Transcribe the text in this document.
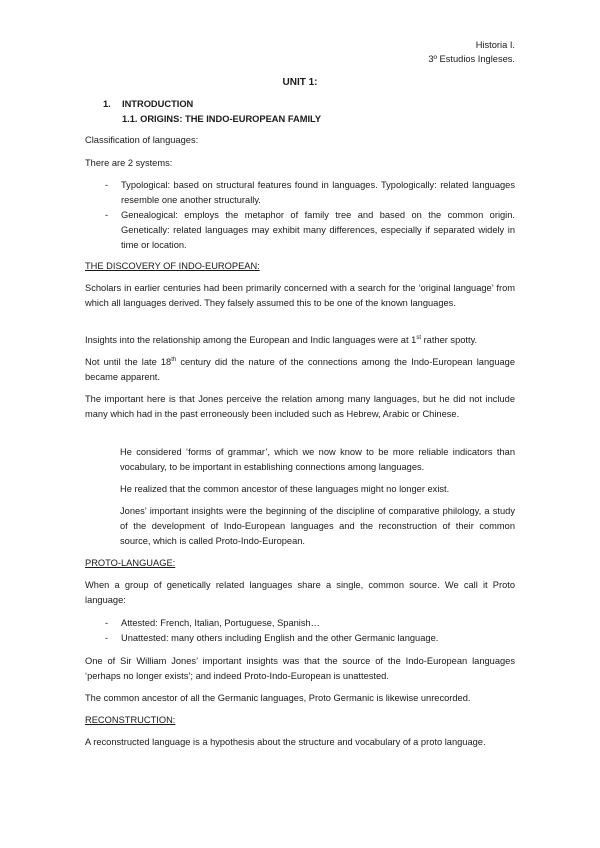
Historia I.

3º Estudios Ingleses.

UNIT 1:

1.	INTRODUCTION

1.1. ORIGINS: THE INDO-EUROPEAN FAMILY

Classification of languages:

There are 2 systems:

-	Typological: based on structural features found in languages. Typologically: related languages resemble one another structurally.
-	Genealogical: employs the metaphor of family tree and based on the common origin. Genetically: related languages may exhibit many differences, especially if separated widely in time or location.

THE DISCOVERY OF INDO-EUROPEAN:

Scholars in earlier centuries had been primarily concerned with a search for the ‘original language’ from which all languages derived. They falsely assumed this to be one of the known languages.

Insights into the relationship among the European and Indic languages were at 1st rather spotty.

Not until the late 18th century did the nature of the connections among the Indo-European language became apparent.

The important here is that Jones perceive the relation among many languages, but he did not include many which had in the past erroneously been included such as Hebrew, Arabic or Chinese.

He considered ‘forms of grammar’, which we now know to be more reliable indicators than vocabulary, to be important in establishing connections among languages.

He realized that the common ancestor of these languages might no longer exist.

Jones’ important insights were the beginning of the discipline of comparative philology, a study of the development of Indo-European languages and the reconstruction of their common source, which is called Proto-Indo-European.

PROTO-LANGUAGE:

When a group of genetically related languages share a single, common source. We call it Proto language:

-	Attested: French, Italian, Portuguese, Spanish…
-	Unattested: many others including English and the other Germanic language.

One of Sir William Jones’ important insights was that the source of the Indo-European languages ‘perhaps no longer exists’; and indeed Proto-Indo-European is unattested.

The common ancestor of all the Germanic languages, Proto Germanic is likewise unrecorded.

RECONSTRUCTION:

A reconstructed language is a hypothesis about the structure and vocabulary of a proto language.
